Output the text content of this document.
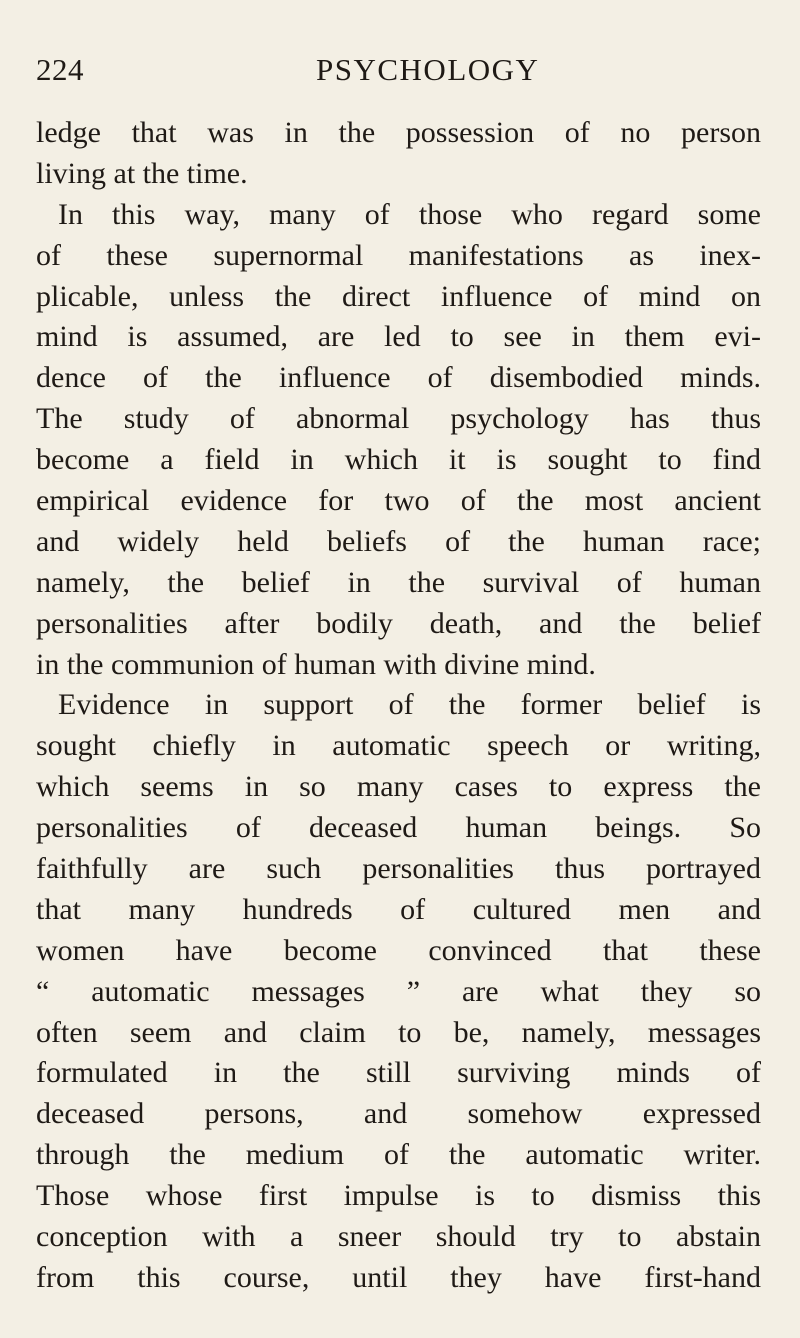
224	PSYCHOLOGY
ledge that was in the possession of no person
living at the time.
In this way, many of those who regard some
of these supernormal manifestations as inex-
plicable, unless the direct influence of mind on
mind is assumed, are led to see in them evi-
dence of the influence of disembodied minds.
The study of abnormal psychology has thus
become a field in which it is sought to find
empirical evidence for two of the most ancient
and widely held beliefs of the human race;
namely, the belief in the survival of human
personalities after bodily death, and the belief
in the communion of human with divine mind.
Evidence in support of the former belief is
sought chiefly in automatic speech or writing,
which seems in so many cases to express the
personalities of deceased human beings. So
faithfully are such personalities thus portrayed
that many hundreds of cultured men and
women have become convinced that these
“ automatic messages ” are what they so
often seem and claim to be, namely, messages
formulated in the still surviving minds of
deceased persons, and somehow expressed
through the medium of the automatic writer.
Those whose first impulse is to dismiss this
conception with a sneer should try to abstain
from this course, until they have first-hand
